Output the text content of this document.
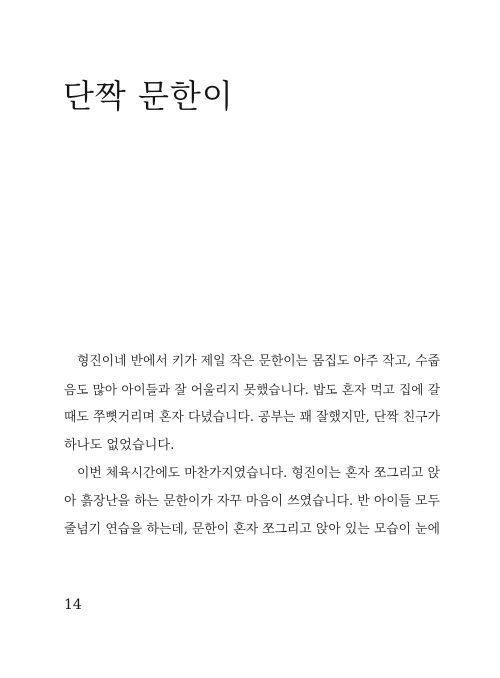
단짝 문한이
형진이네 반에서 키가 제일 작은 문한이는 몸집도 아주 작고, 수줍
음도 많아 아이들과 잘 어울리지 못했습니다. 밥도 혼자 먹고 집에 갈
때도 쭈뼛거리며 혼자 다녔습니다. 공부는 꽤 잘했지만, 단짝 친구가
하나도 없었습니다.
이번 체육시간에도 마찬가지였습니다. 형진이는 혼자 쪼그리고 앉
아 흙장난을 하는 문한이가 자꾸 마음이 쓰였습니다. 반 아이들 모두
줄넘기 연습을 하는데, 문한이 혼자 쪼그리고 앉아 있는 모습이 눈에
14
